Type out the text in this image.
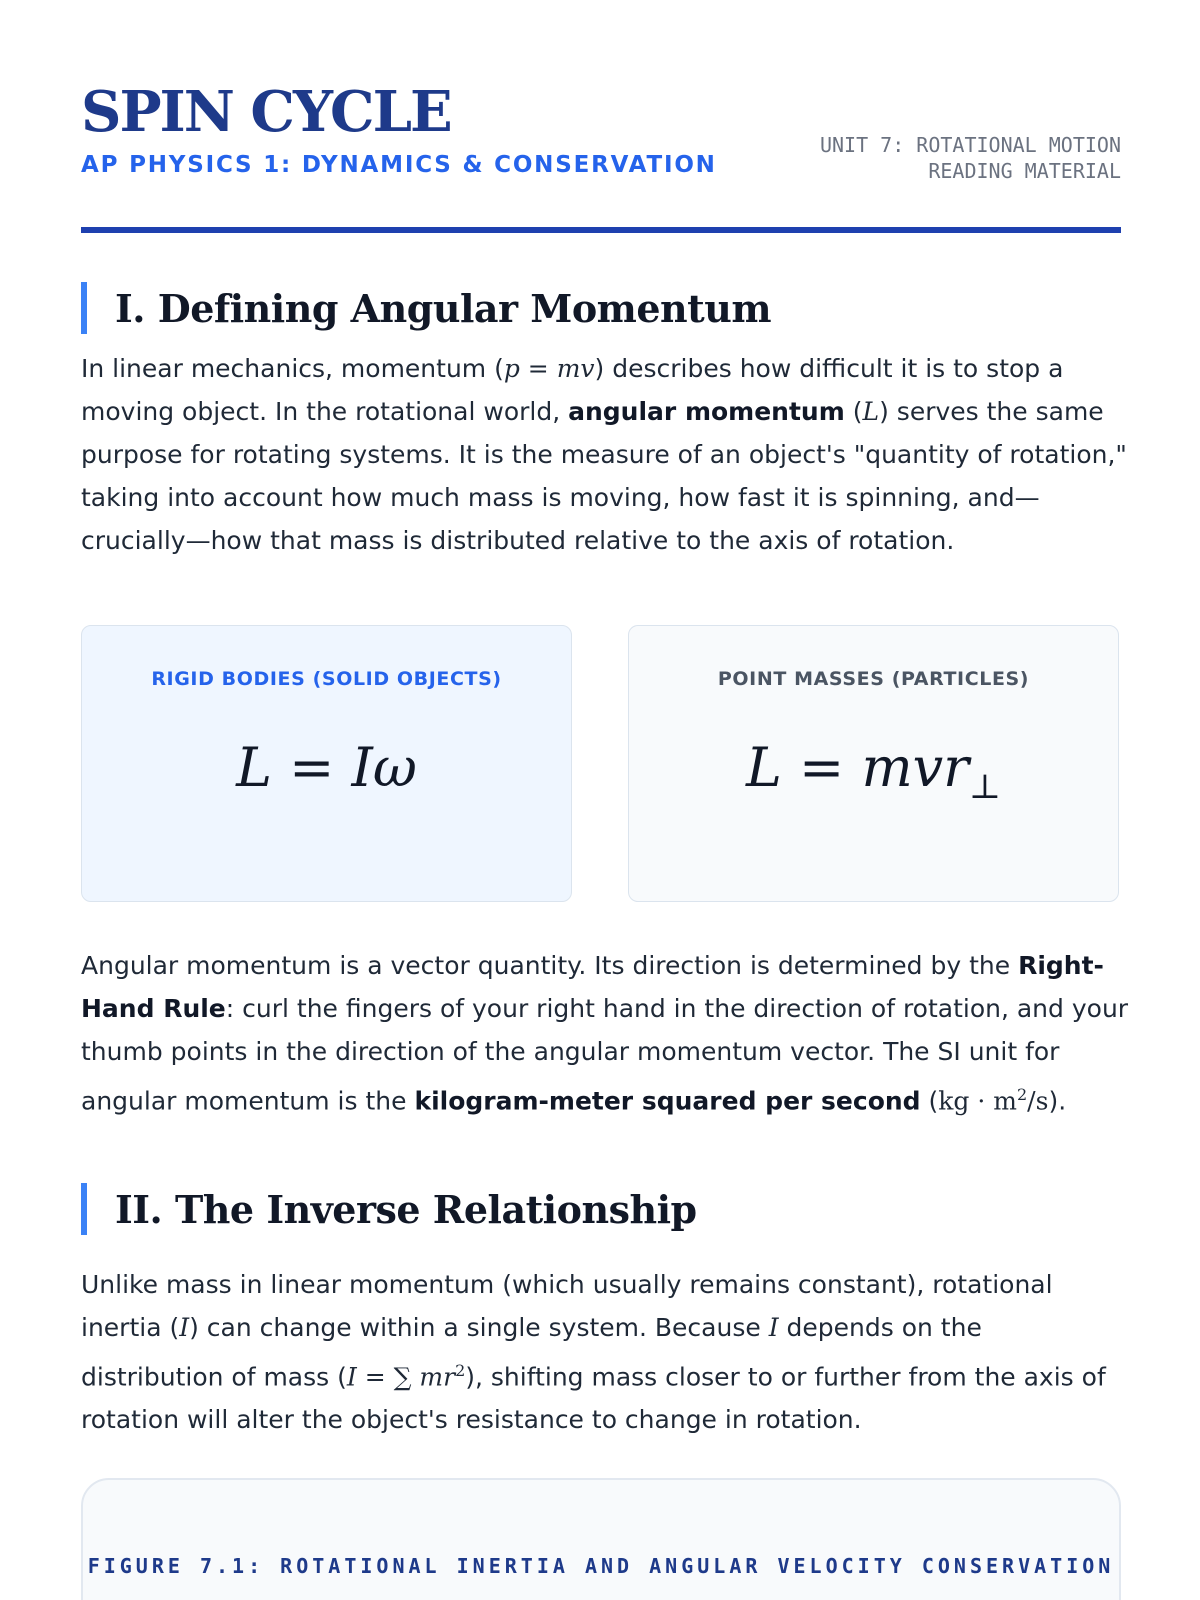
SPIN CYCLE
AP PHYSICS 1: DYNAMICS & CONSERVATION
UNIT 7: ROTATIONAL MOTION
READING MATERIAL
I. Defining Angular Momentum

In linear mechanics, momentum (p = mv) describes how difficult it is to stop a moving object. In the rotational world, angular momentum (L) serves the same purpose for rotating systems. It is the measure of an object's "quantity of rotation," taking into account how much mass is moving, how fast it is spinning, and—crucially—how that mass is distributed relative to the axis of rotation.

RIGID BODIES (SOLID OBJECTS)
L = Iω
POINT MASSES (PARTICLES)
L = mvr$_\perp$

Angular momentum is a vector quantity. Its direction is determined by the Right-Hand Rule: curl the fingers of your right hand in the direction of rotation, and your thumb points in the direction of the angular momentum vector. The SI unit for angular momentum is the kilogram-meter squared per second $(kg \cdot m^2/s)$.

II. The Inverse Relationship

Unlike mass in linear momentum (which usually remains constant), rotational inertia (I) can change within a single system. Because I depends on the distribution of mass (I = ∑ $mr^2$), shifting mass closer to or further from the axis of rotation will alter the object's resistance to change in rotation.

FIGURE 7.1: ROTATIONAL INERTIA AND ANGULAR VELOCITY CONSERVATION
